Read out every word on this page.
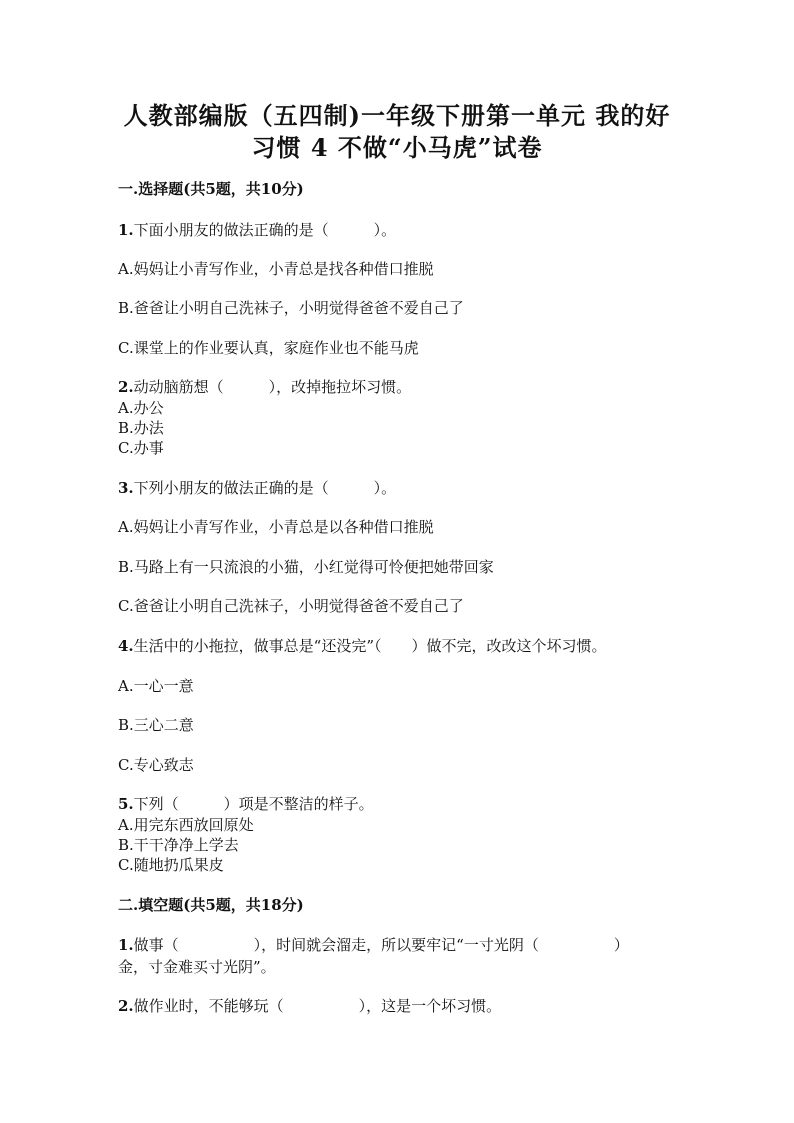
人教部编版（五四制)一年级下册第一单元 我的好
习惯 4 不做“小马虎”试卷
一.选择题(共5题，共10分)
1.下面小朋友的做法正确的是（　　　）。
A.妈妈让小青写作业，小青总是找各种借口推脱
B.爸爸让小明自己洗袜子，小明觉得爸爸不爱自己了
C.课堂上的作业要认真，家庭作业也不能马虎
2.动动脑筋想（　　　），改掉拖拉坏习惯。
A.办公
B.办法
C.办事
3.下列小朋友的做法正确的是（　　　）。
A.妈妈让小青写作业，小青总是以各种借口推脱
B.马路上有一只流浪的小猫，小红觉得可怜便把她带回家
C.爸爸让小明自己洗袜子，小明觉得爸爸不爱自己了
4.生活中的小拖拉，做事总是“还没完”（　　）做不完，改改这个坏习惯。
A.一心一意
B.三心二意
C.专心致志
5.下列（　　　）项是不整洁的样子。
A.用完东西放回原处
B.干干净净上学去
C.随地扔瓜果皮
二.填空题(共5题，共18分)
1.做事（　　　　　），时间就会溜走，所以要牢记“一寸光阴（　　　　　）
金，寸金难买寸光阴”。
2.做作业时，不能够玩（　　　　　），这是一个坏习惯。
